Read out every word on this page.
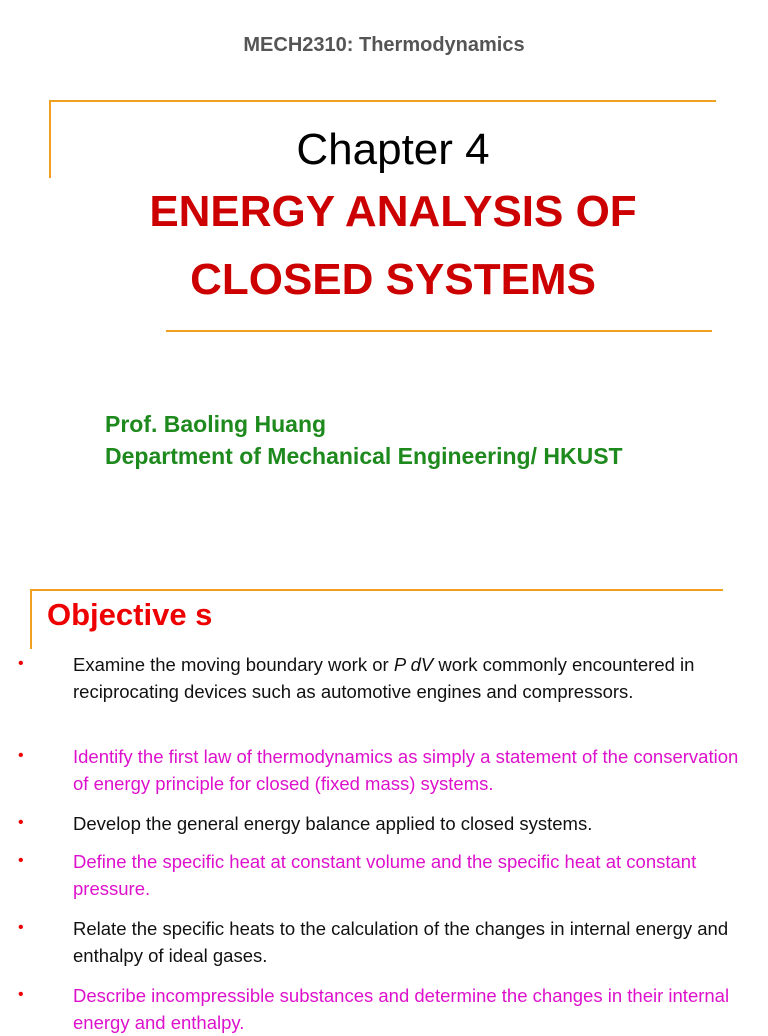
MECH2310: Thermodynamics
Chapter 4
ENERGY ANALYSIS OF
CLOSED SYSTEMS
Prof. Baoling Huang
Department of Mechanical Engineering/ HKUST
Objective s
•	Examine the moving boundary work or P dV work commonly encountered in reciprocating devices such as automotive engines and compressors.
•	Identify the first law of thermodynamics as simply a statement of the conservation of energy principle for closed (fixed mass) systems.
•	Develop the general energy balance applied to closed systems.
•	Define the specific heat at constant volume and the specific heat at constant pressure.
•	Relate the specific heats to the calculation of the changes in internal energy and enthalpy of ideal gases.
•	Describe incompressible substances and determine the changes in their internal energy and enthalpy.
